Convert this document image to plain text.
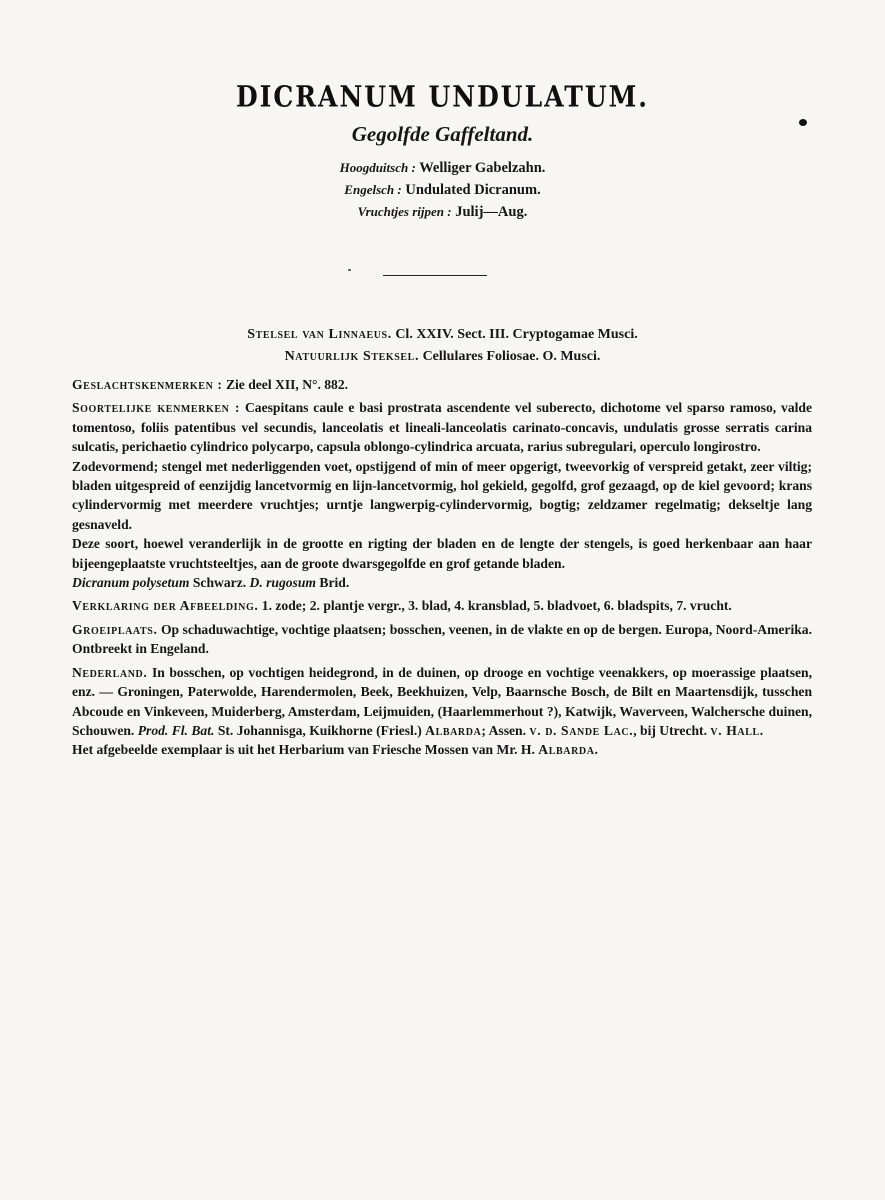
DICRANUM UNDULATUM.
Gegolfde Gaffeltand.

Hoogduitsch : Welliger Gabelzahn.

Engelsch : Undulated Dicranum.

Vruchtjes rijpen : Julij—Aug.

Stelsel van Linnaeus. Cl. XXIV. Sect. III. Cryptogamae Musci.

Natuurlijk Steksel. Cellulares Foliosae. O. Musci.

Geslachtskenmerken : Zie deel XII, N°. 882.

Soortelijke kenmerken : Caespitans caule e basi prostrata ascendente vel suberecto, dichotome vel sparso ramoso, valde tomentoso, foliis patentibus vel secundis, lanceolatis et lineali-lanceolatis carinato-concavis, undulatis grosse serratis carina sulcatis, perichaetio cylindrico polycarpo, capsula oblongo-cylindrica arcuata, rarius subregulari, operculo longirostro.

Zodevormend; stengel met nederliggenden voet, opstijgend of min of meer opgerigt, tweevorkig of verspreid getakt, zeer viltig; bladen uitgespreid of eenzijdig lancetvormig en lijn-lancetvormig, hol gekield, gegolfd, grof gezaagd, op de kiel gevoord; krans cylindervormig met meerdere vruchtjes; urntje langwerpig-cylindervormig, bogtig; zeldzamer regelmatig; dekseltje lang gesnaveld.

Deze soort, hoewel veranderlijk in de grootte en rigting der bladen en de lengte der stengels, is goed herkenbaar aan haar bijeengeplaatste vruchtsteeltjes, aan de groote dwarsgegolfde en grof getande bladen.
Dicranum polysetum Schwarz. D. rugosum Brid.

Verklaring der Afbeelding. 1. zode; 2. plantje vergr., 3. blad, 4. kransblad, 5. bladvoet, 6. bladspits, 7. vrucht.

Groeiplaats. Op schaduwachtige, vochtige plaatsen; bosschen, veenen, in de vlakte en op de bergen. Europa, Noord-Amerika. Ontbreekt in Engeland.

Nederland. In bosschen, op vochtigen heidegrond, in de duinen, op drooge en vochtige veenakkers, op moerassige plaatsen, enz. — Groningen, Paterwolde, Harendermolen, Beek, Beekhuizen, Velp, Baarnsche Bosch, de Bilt en Maartensdijk, tusschen Abcoude en Vinkeveen, Muiderberg, Amsterdam, Leijmuiden, (Haarlemmerhout ?), Katwijk, Waverveen, Walchersche duinen, Schouwen. Prod. Fl. Bat. St. Johannisga, Kuikhorne (Friesl.) Albarda; Assen. v. d. Sande Lac., bij Utrecht. v. Hall.

Het afgebeelde exemplaar is uit het Herbarium van Friesche Mossen van Mr. H. Albarda.
